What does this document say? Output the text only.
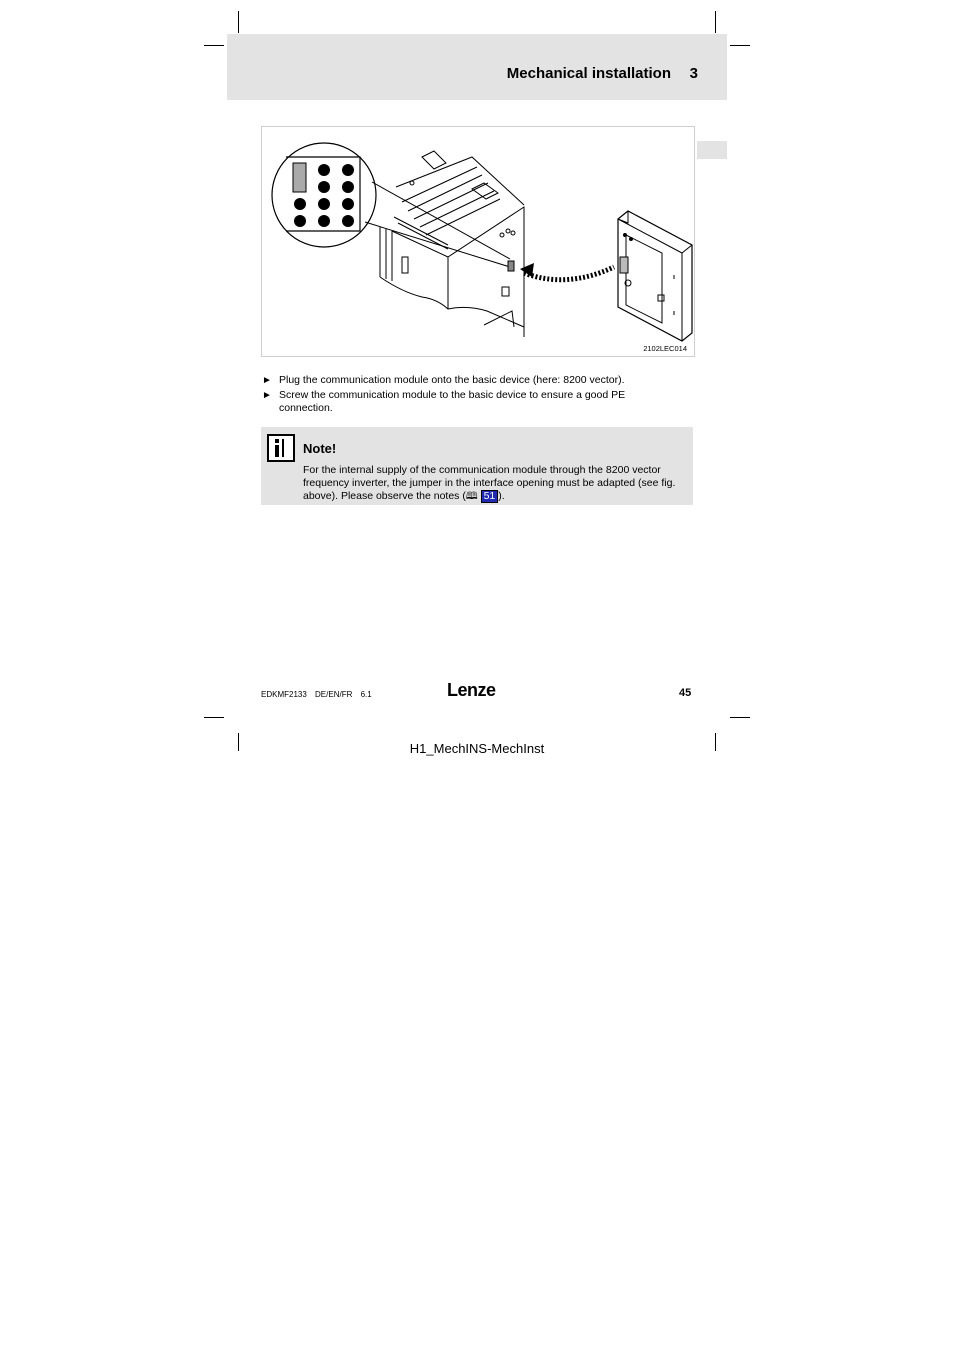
Mechanical installation 3
2102LEC014
► Plug the communication module onto the basic device (here: 8200 vector).
► Screw the communication module to the basic device to ensure a good PE connection.
Note!
For the internal supply of the communication module through the 8200 vector frequency inverter, the jumper in the interface opening must be adapted (see fig. above). Please observe the notes (🕮 51 ).
EDKMF2133 DE/EN/FR 6.1	Lenze	45
H1_MechINS-MechInst
